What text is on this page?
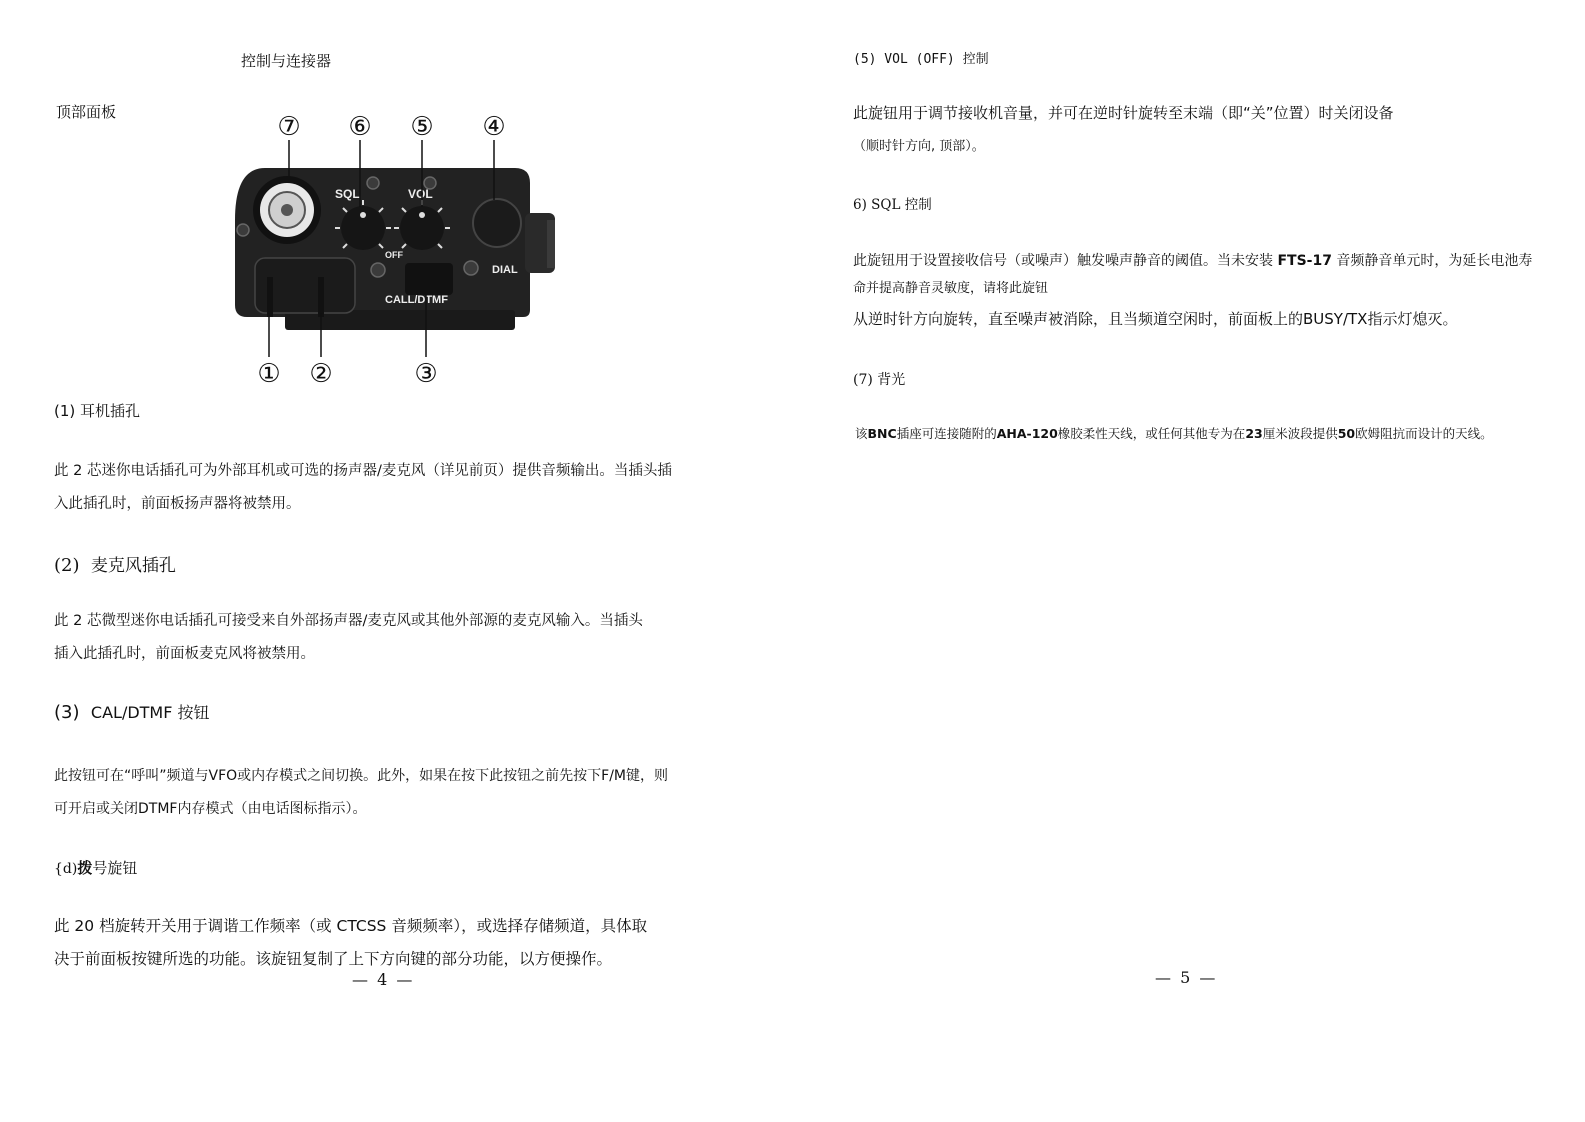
控制与连接器
顶部面板
SQL	VOL
OFF
DIAL
CALL/DTMF
⑦ ⑥ ⑤ ④
① ②	③
(1) 耳机插孔
此 2 芯迷你电话插孔可为外部耳机或可选的扬声器/麦克风（详见前页）提供音频输出。当插头插
入此插孔时，前面板扬声器将被禁用。
(2) 麦克风插孔
此 2 芯微型迷你电话插孔可接受来自外部扬声器/麦克风或其他外部源的麦克风输入。当插头
插入此插孔时，前面板麦克风将被禁用。
(3) CAL/DTMF 按钮
此按钮可在“呼叫”频道与VFO或内存模式之间切换。此外，如果在按下此按钮之前先按下F/M键，则
可开启或关闭DTMF内存模式（由电话图标指示）。
{d)拨号旋钮
此 20 档旋转开关用于调谐工作频率（或 CTCSS 音频频率），或选择存储频道，具体取
决于前面板按键所选的功能。该旋钮复制了上下方向键的部分功能，以方便操作。
— 4 —
(5) VOL (OFF) 控制
此旋钮用于调节接收机音量，并可在逆时针旋转至末端（即“关”位置）时关闭设备
（顺时针方向, 顶部）。
6) SQL 控制
此旋钮用于设置接收信号（或噪声）触发噪声静音的阈值。当未安装 FTS-17 音频静音单元时，为延长电池寿
命并提高静音灵敏度，请将此旋钮
从逆时针方向旋转，直至噪声被消除，且当频道空闲时，前面板上的BUSY/TX指示灯熄灭。
(7) 背光
该BNC插座可连接随附的AHA-120橡胶柔性天线，或任何其他专为在23厘米波段提供50欧姆阻抗而设计的天线。
— 5 —
